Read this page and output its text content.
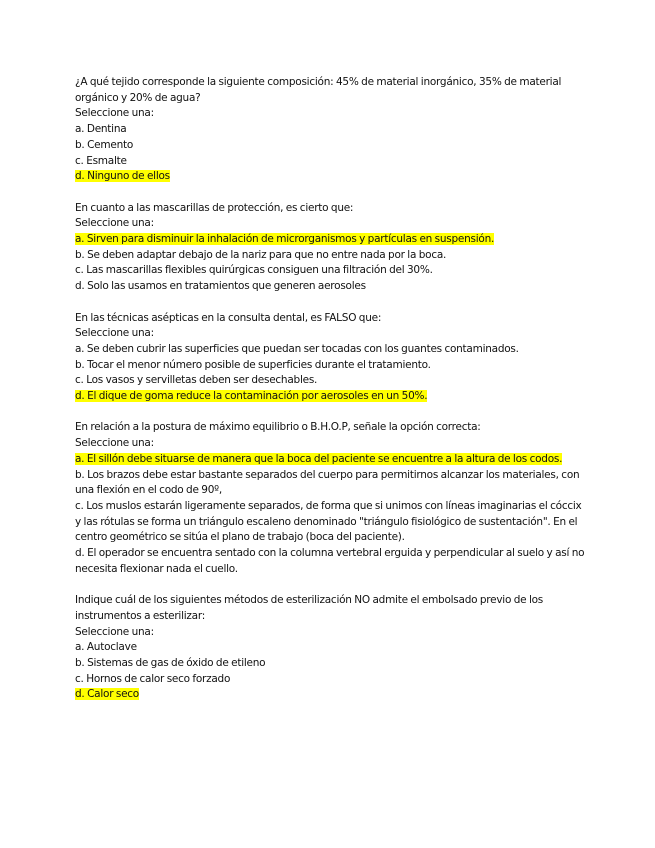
¿A qué tejido corresponde la siguiente composición: 45% de material inorgánico, 35% de material orgánico y 20% de agua?
Seleccione una:
a. Dentina
b. Cemento
c. Esmalte
d. Ninguno de ellos
En cuanto a las mascarillas de protección, es cierto que:
Seleccione una:
a. Sirven para disminuir la inhalación de microrganismos y partículas en suspensión.
b. Se deben adaptar debajo de la nariz para que no entre nada por la boca.
c. Las mascarillas flexibles quirúrgicas consiguen una filtración del 30%.
d. Solo las usamos en tratamientos que generen aerosoles
En las técnicas asépticas en la consulta dental, es FALSO que:
Seleccione una:
a. Se deben cubrir las superficies que puedan ser tocadas con los guantes contaminados.
b. Tocar el menor número posible de superficies durante el tratamiento.
c. Los vasos y servilletas deben ser desechables.
d. El dique de goma reduce la contaminación por aerosoles en un 50%.
En relación a la postura de máximo equilibrio o B.H.O.P, señale la opción correcta:
Seleccione una:
a. El sillón debe situarse de manera que la boca del paciente se encuentre a la altura de los codos.
b. Los brazos debe estar bastante separados del cuerpo para permitirnos alcanzar los materiales, con una flexión en el codo de 90º,
c. Los muslos estarán ligeramente separados, de forma que si unimos con líneas imaginarias el cóccix y las rótulas se forma un triángulo escaleno denominado "triángulo fisiológico de sustentación". En el centro geométrico se sitúa el plano de trabajo (boca del paciente).
d. El operador se encuentra sentado con la columna vertebral erguida y perpendicular al suelo y así no necesita flexionar nada el cuello.
Indique cuál de los siguientes métodos de esterilización NO admite el embolsado previo de los instrumentos a esterilizar:
Seleccione una:
a. Autoclave
b. Sistemas de gas de óxido de etileno
c. Hornos de calor seco forzado
d. Calor seco
